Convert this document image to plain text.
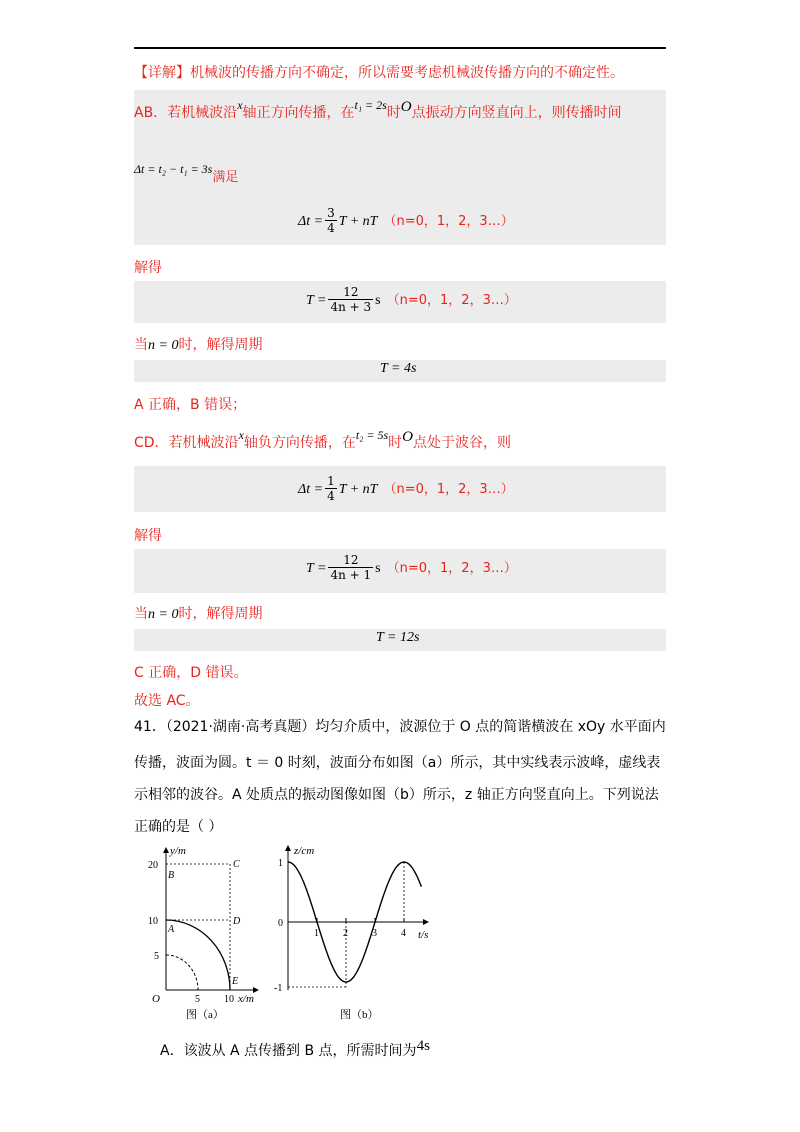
【详解】机械波的传播方向不确定，所以需要考虑机械波传播方向的不确定性。
AB．若机械波沿x轴正方向传播，在t₁ = 2s时O点振动方向竖直向上，则传播时间
$\Delta t = t_2 - t_1 = 3s_{满足}$
$\Delta t = \frac{3}{4}$ T + nT （n=0，1，2，3…）
解得
$T = \frac{12}{4n + 3}$ s （n=0，1，2，3…）
当n = 0时，解得周期
T = 4s
A 正确，B 错误；
CD．若机械波沿x轴负方向传播，在t₂ = 5s时O点处于波谷，则
$\Delta t = \frac{1}{4}$ T + nT （n=0，1，2，3…）
解得
$T = \frac{12}{4n + 1}$ s （n=0，1，2，3…）
当n = 0时，解得周期
T = 12s
C 正确，D 错误。
故选 AC。
41．（2021·湖南·高考真题）均匀介质中，波源位于 O 点的简谐横波在 xOy 水平面内
传播，波面为圆。t ＝ 0 时刻，波面分布如图（a）所示，其中实线表示波峰，虚线表
示相邻的波谷。A 处质点的振动图像如图（b）所示，z 轴正方向竖直向上。下列说法
正确的是（ ）
y/m
x/m
O
20
10
5
5 10
B
C
A
D
E
图（a）
z/cm
t/s
1
0
-1
1 2 3 4
图（b）
A．该波从 A 点传播到 B 点，所需时间为4s
